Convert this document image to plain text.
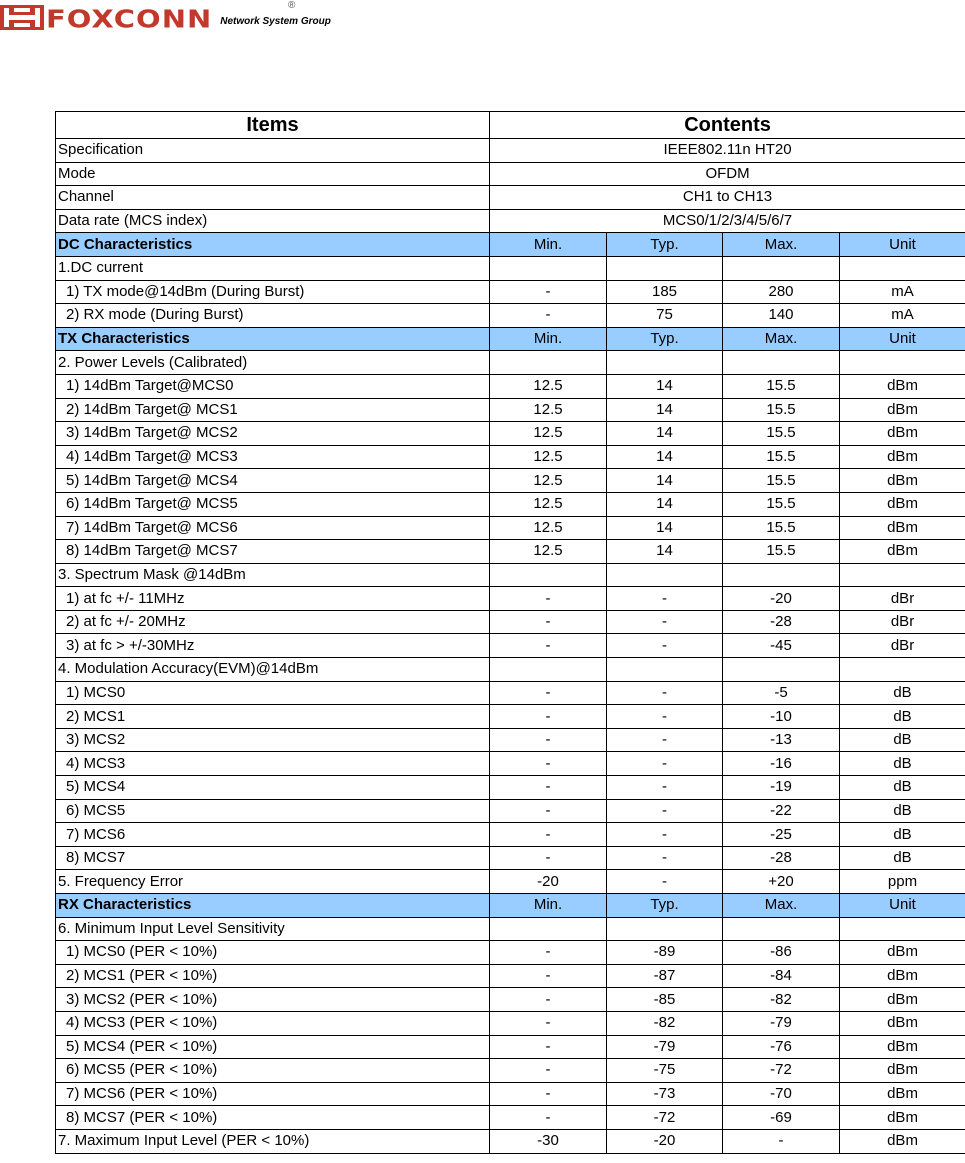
FOXCONN Network System Group
®
Items	Contents			
Specification	IEEE802.11n HT20			
Mode	OFDM			
Channel	CH1 to CH13			
Data rate (MCS index)	MCS0/1/2/3/4/5/6/7			
DC Characteristics	Min.	Typ.	Max.	Unit
1.DC current				
1) TX mode@14dBm (During Burst)	-	185	280	mA
2) RX mode (During Burst)	-	75	140	mA
TX Characteristics	Min.	Typ.	Max.	Unit
2. Power Levels (Calibrated)				
1) 14dBm Target@MCS0	12.5	14	15.5	dBm
2) 14dBm Target@ MCS1	12.5	14	15.5	dBm
3) 14dBm Target@ MCS2	12.5	14	15.5	dBm
4) 14dBm Target@ MCS3	12.5	14	15.5	dBm
5) 14dBm Target@ MCS4	12.5	14	15.5	dBm
6) 14dBm Target@ MCS5	12.5	14	15.5	dBm
7) 14dBm Target@ MCS6	12.5	14	15.5	dBm
8) 14dBm Target@ MCS7	12.5	14	15.5	dBm
3. Spectrum Mask @14dBm				
1) at fc +/- 11MHz	-	-	-20	dBr
2) at fc +/- 20MHz	-	-	-28	dBr
3) at fc > +/-30MHz	-	-	-45	dBr
4. Modulation Accuracy(EVM)@14dBm				
1) MCS0	-	-	-5	dB
2) MCS1	-	-	-10	dB
3) MCS2	-	-	-13	dB
4) MCS3	-	-	-16	dB
5) MCS4	-	-	-19	dB
6) MCS5	-	-	-22	dB
7) MCS6	-	-	-25	dB
8) MCS7	-	-	-28	dB
5. Frequency Error	-20	-	+20	ppm
RX Characteristics	Min.	Typ.	Max.	Unit
6. Minimum Input Level Sensitivity				
1) MCS0 (PER < 10%)	-	-89	-86	dBm
2) MCS1 (PER < 10%)	-	-87	-84	dBm
3) MCS2 (PER < 10%)	-	-85	-82	dBm
4) MCS3 (PER < 10%)	-	-82	-79	dBm
5) MCS4 (PER < 10%)	-	-79	-76	dBm
6) MCS5 (PER < 10%)	-	-75	-72	dBm
7) MCS6 (PER < 10%)	-	-73	-70	dBm
8) MCS7 (PER < 10%)	-	-72	-69	dBm
7. Maximum Input Level (PER < 10%)	-30	-20	-	dBm
